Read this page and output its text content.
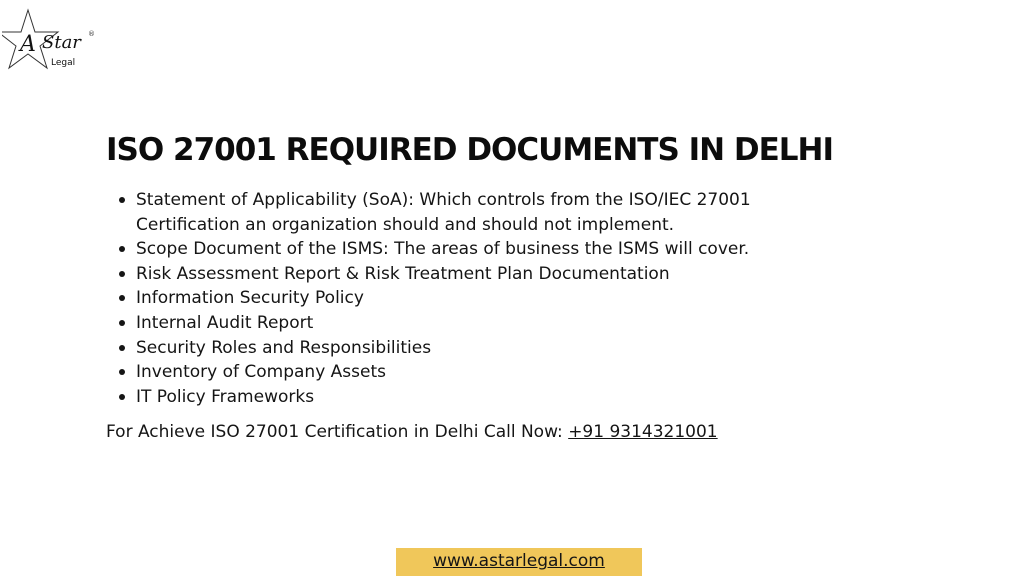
A Star
Legal
®
ISO 27001 REQUIRED DOCUMENTS IN DELHI
Statement of Applicability (SoA): Which controls from the ISO/IEC 27001 Certification an organization should and should not implement.
Scope Document of the ISMS: The areas of business the ISMS will cover.
Risk Assessment Report & Risk Treatment Plan Documentation
Information Security Policy
Internal Audit Report
Security Roles and Responsibilities
Inventory of Company Assets
IT Policy Frameworks
For Achieve ISO 27001 Certification in Delhi Call Now: +91 9314321001
www.astarlegal.com
